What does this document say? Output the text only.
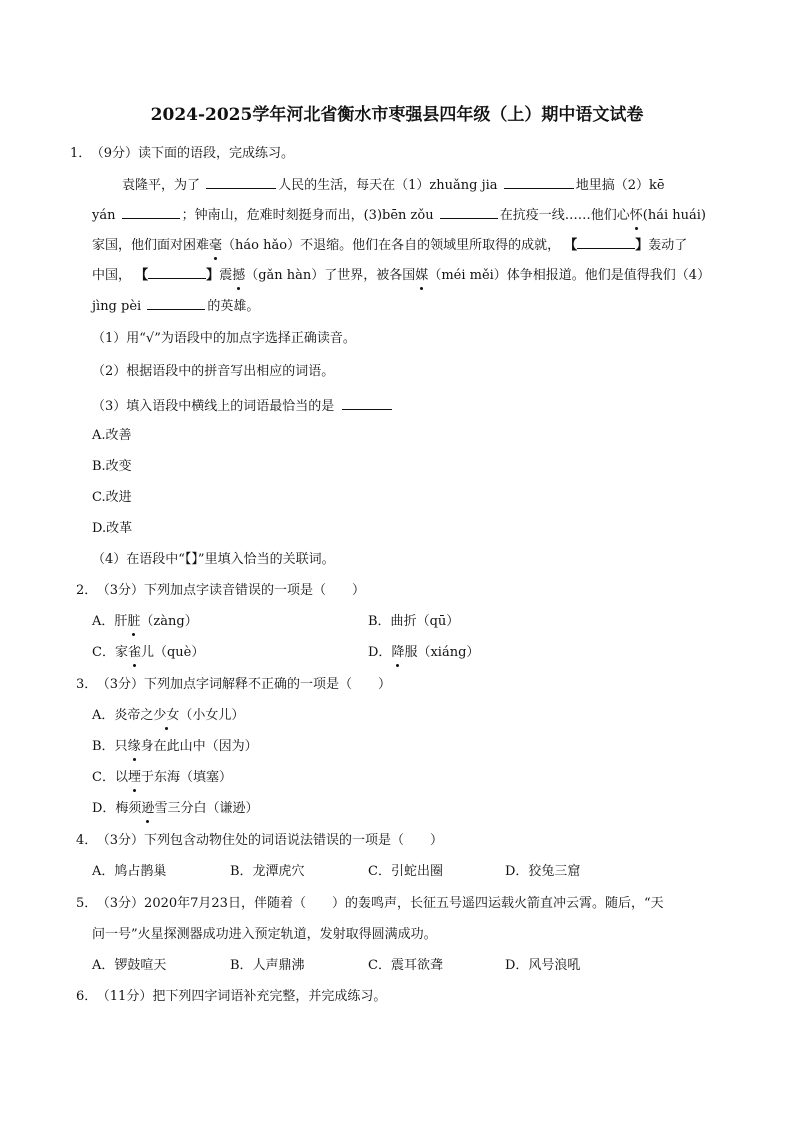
2024-2025学年河北省衡水市枣强县四年级（上）期中语文试卷
1． （9分）读下面的语段，完成练习。
袁隆平，为了	人民的生活，每天在（1）zhuǎng jia	地里搞（2）kē
yán	；钟南山，危难时刻挺身而出，(3)bēn zǒu	在抗疫一线……他们心怀(hái huái)
家国，他们面对困难毫（háo hǎo）不退缩。他们在各自的领域里所取得的成就， 【	】轰动了
中国， 【	】震撼（gǎn hàn）了世界，被各国媒（méi měi）体争相报道。他们是值得我们（4）
jìng pèi	的英雄。
（1）用“√”为语段中的加点字选择正确读音。
（2）根据语段中的拼音写出相应的词语。
（3）填入语段中横线上的词语最恰当的是
A.改善
B.改变
C.改进
D.改革
（4）在语段中“【】”里填入恰当的关联词。
2． （3分）下列加点字读音错误的一项是（　　）
A．肝脏（zàng）	B．曲折（qū）
C．家雀儿（què）	D．降服（xiáng）
3． （3分）下列加点字词解释不正确的一项是（　　）
A．炎帝之少女（小女儿）
B．只缘身在此山中（因为）
C．以堙于东海（填塞）
D．梅须逊雪三分白（谦逊）
4． （3分）下列包含动物住处的词语说法错误的一项是（　　）
A．鸠占鹊巢	B．龙潭虎穴	C．引蛇出圈	D．狡兔三窟
5． （3分）2020年7月23日，伴随着（　　）的轰鸣声，长征五号遥四运载火箭直冲云霄。随后，“天
问一号”火星探测器成功进入预定轨道，发射取得圆满成功。
A．锣鼓喧天	B．人声鼎沸	C．震耳欲聋	D．风号浪吼
6． （11分）把下列四字词语补充完整，并完成练习。
